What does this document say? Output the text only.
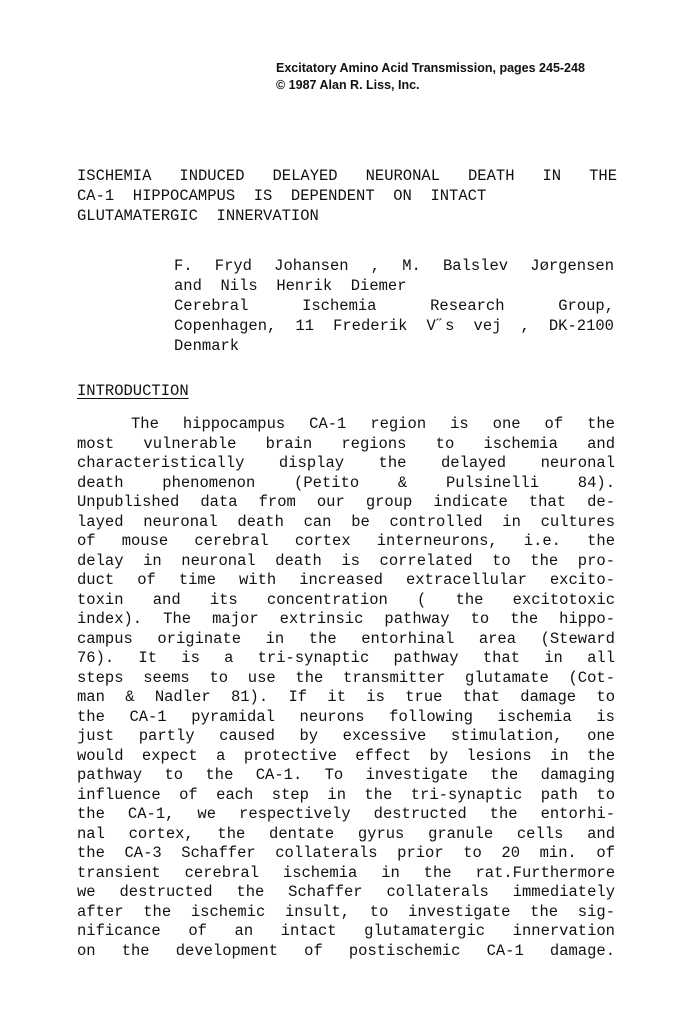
Excitatory Amino Acid Transmission, pages 245-248
© 1987 Alan R. Liss, Inc.
ISCHEMIA INDUCED DELAYED NEURONAL DEATH IN THE
CA-1  HIPPOCAMPUS  IS  DEPENDENT  ON  INTACT
GLUTAMATERGIC  INNERVATION
F. Fryd Johansen , M. Balslev Jørgensen
and  Nils  Henrik  Diemer
Cerebral Ischemia Research Group,
Copenhagen, 11 Frederik V˝s vej , DK-2100
Denmark
INTRODUCTION
The hippocampus CA-1 region is one of the
most vulnerable brain regions to ischemia and
characteristically display the delayed neuronal
death phenomenon (Petito & Pulsinelli 84).
Unpublished data from our group indicate that de-
layed neuronal death can be controlled in cultures
of mouse cerebral cortex interneurons, i.e. the
delay in neuronal death is correlated to the pro-
duct of time with increased extracellular excito-
toxin and its concentration ( the excitotoxic
index). The major extrinsic pathway to the hippo-
campus originate in the entorhinal area (Steward
76). It is a tri-synaptic pathway that in all
steps seems to use the transmitter glutamate (Cot-
man & Nadler 81). If it is true that damage to
the CA-1 pyramidal neurons following ischemia is
just partly caused by excessive stimulation, one
would expect a protective effect by lesions in the
pathway to the CA-1. To investigate the damaging
influence of each step in the tri-synaptic path to
the CA-1, we respectively destructed the entorhi-
nal cortex, the dentate gyrus granule cells and
the CA-3 Schaffer collaterals prior to 20 min. of
transient cerebral ischemia in the rat.Furthermore
we destructed the Schaffer collaterals immediately
after the ischemic insult, to investigate the sig-
nificance of an intact glutamatergic innervation
on the development of postischemic CA-1 damage.
